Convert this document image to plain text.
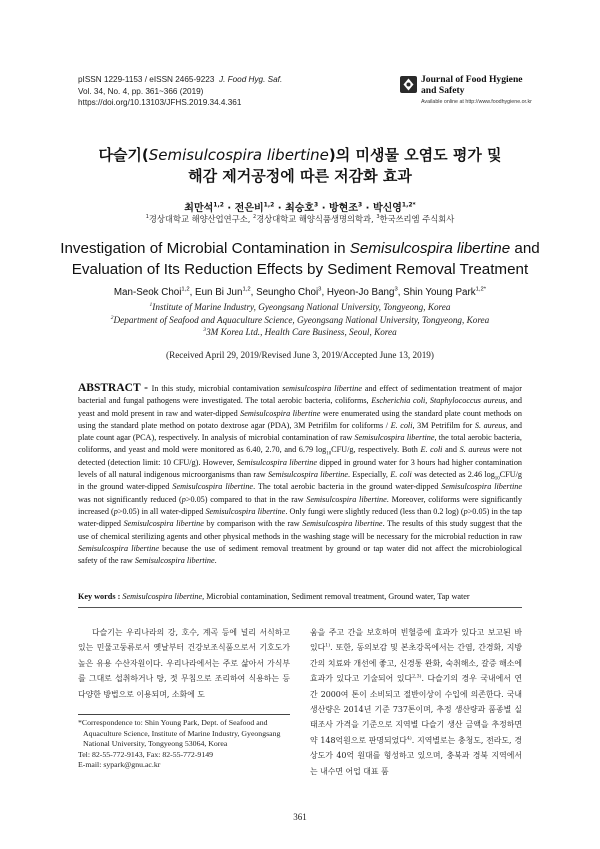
pISSN 1229-1153 / eISSN 2465-9223 J. Food Hyg. Saf.
Vol. 34, No. 4, pp. 361~366 (2019)
https://doi.org/10.13103/JFHS.2019.34.4.361
Journal of Food Hygiene
and Safety
Available online at http://www.foodhygiene.or.kr
다슬기(Semisulcospira libertine)의 미생물 오염도 평가 및
해감 제거공정에 따른 저감화 효과
최만석$^{1,2}$ · 전은비$^{1,2}$ · 최승호$^3$ · 방현조$^3$ · 박신영$^{1,2*}$
$^1$경상대학교 해양산업연구소, $^2$경상대학교 해양식품생명의학과, $^3$한국쓰리엠 주식회사
Investigation of Microbial Contamination in Semisulcospira libertine and
Evaluation of Its Reduction Effects by Sediment Removal Treatment
Man-Seok Choi$^{1,2}$, Eun Bi Jun$^{1,2}$, Seungho Choi$^3$, Hyeon-Jo Bang$^3$, Shin Young Park$^{1,2*}$
$^1$Institute of Marine Industry, Gyeongsang National University, Tongyeong, Korea
$^2$Department of Seafood and Aquaculture Science, Gyeongsang National University, Tongyeong, Korea
$^3$3M Korea Ltd., Health Care Business, Seoul, Korea
(Received April 29, 2019/Revised June 3, 2019/Accepted June 13, 2019)
ABSTRACT - In this study, microbial contamivation semisulcospira libertine and effect of sedimentation treatment of major bacterial and fungal pathogens were investigated. The total aerobic bacteria, coliforms, Escherichia coli, Staphylococcus aureus, and yeast and mold present in raw and water-dipped Semisulcospira libertine were enumerated using the standard plate count methods on using the standard plate method on potato dextrose agar (PDA), 3M Petrifilm for coliforms / E. coli, 3M Petrifilm for S. aureus, and plate count agar (PCA), respectively. In analysis of microbial contamination of raw Semisulcospira libertine, the total aerobic bacteria, coliforms, and yeast and mold were monitored as 6.40, 2.70, and 6.79 $\log_{10}CFU/g$, respectively. Both E. coli and S. aureus were not detected (detection limit: 10 CFU/g). However, Semisulcospira libertine dipped in ground water for 3 hours had higher contamination levels of all natural indigenous microorganisms than raw Semisulcospira libertine. Especially, E. coli was detected as 2.46 $\log_{10}CFU/g$ in the ground water-dipped Semisulcospira libertine. The total aerobic bacteria in the ground water-dipped Semisulcospira libertine was not significantly reduced (p>0.05) compared to that in the raw Semisulcospira libertine. Moreover, coliforms were significantly increased (p>0.05) in all water-dipped Semisulcospira libertine. Only fungi were slightly reduced (less than 0.2 log) (p>0.05) in the tap water-dipped Semisulcospira libertine by comparison with the raw Semisulcospira libertine. The results of this study suggest that the use of chemical sterilizing agents and other physical methods in the washing stage will be necessary for the microbial reduction in raw Semisulcospira libertine because the use of sediment removal treatment by ground or tap water did not affect the microbiological safety of the raw Semisulcospira libertine.
Key words : Semisulcospira libertine, Microbial contamination, Sediment removal treatment, Ground water, Tap water
다슬기는 우리나라의 강, 호수, 계곡 등에 널리 서식하고 있는 민물고둥류로서 옛날부터 건강보조식품으로서 기호도가 높은 유용 수산자원이다. 우리나라에서는 주로 삶아서 가식부를 그대로 섭취하거나 탕, 젓 무침으로 조리하여 식용하는 등 다양한 방법으로 이용되며, 소화에 도
움을 주고 간을 보호하며 빈혈증에 효과가 있다고 보고된 바 있다$^{1)}$. 또한, 동의보감 및 본초강목에서는 간염, 간경화, 지방간의 치료와 개선에 좋고, 신경통 완화, 숙취해소, 갈증 해소에 효과가 있다고 기술되어 있다$^{2,3)}$. 다슬기의 경우 국내에서 연간 2000여 톤이 소비되고 절반이상이 수입에 의존한다. 국내 생산량은 2014년 기준 737톤이며, 추정 생산량과 품종별 실태조사 가격을 기준으로 지역별 다슬기 생산 금액을 추정하면 약 148억원으로 판명되었다$^{4)}$. 지역별로는 충청도, 전라도, 경상도가 40억 원대를 형성하고 있으며, 충북과 경북 지역에서는 내수면 어업 대표 품
*Correspondence to: Shin Young Park, Dept. of Seafood and
Aquaculture Science, Institute of Marine Industry, Gyeongsang
National University, Tongyeong 53064, Korea
Tel: 82-55-772-9143, Fax: 82-55-772-9149
E-mail: sypark@gnu.ac.kr
361
